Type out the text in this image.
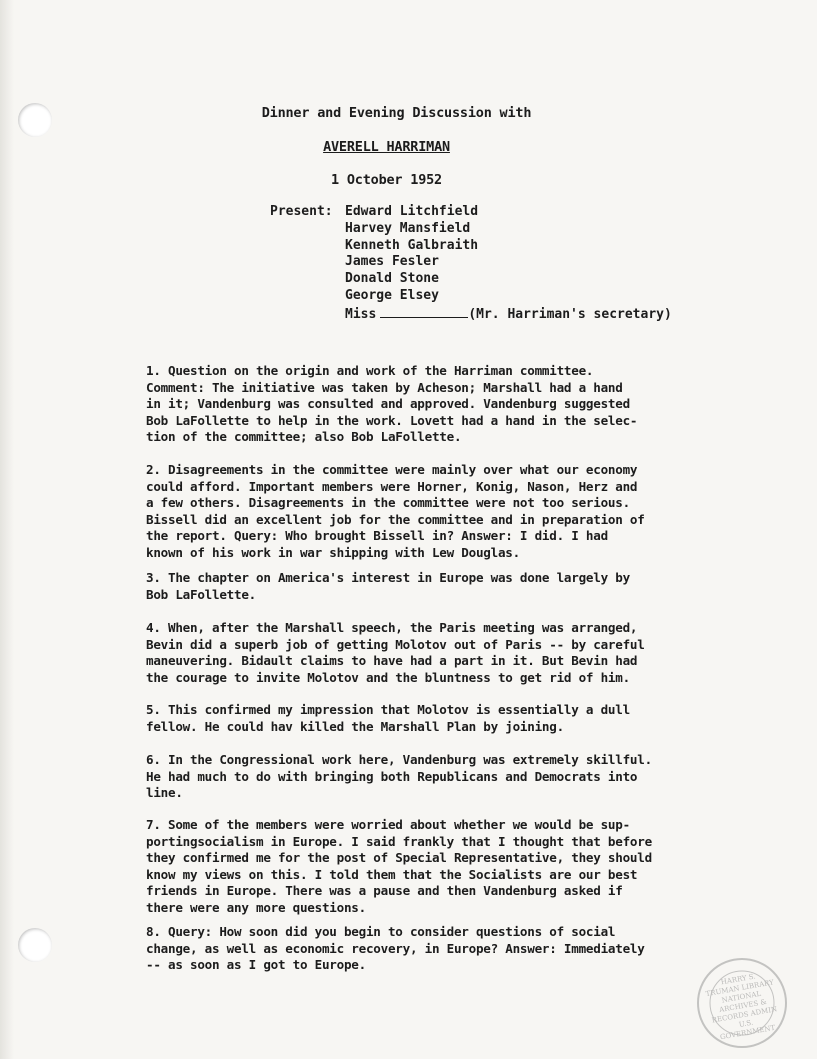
Dinner and Evening Discussion with
AVERELL HARRIMAN
1 October 1952
Present: Edward Litchfield
Harvey Mansfield
Kenneth Galbraith
James Fesler
Donald Stone
George Elsey
Miss	(Mr. Harriman's secretary)
1. Question on the origin and work of the Harriman committee.
Comment: The initiative was taken by Acheson; Marshall had a hand
in it; Vandenburg was consulted and approved. Vandenburg suggested
Bob LaFollette to help in the work. Lovett had a hand in the selec-
tion of the committee; also Bob LaFollette.
2. Disagreements in the committee were mainly over what our economy
could afford. Important members were Horner, Konig, Nason, Herz and
a few others. Disagreements in the committee were not too serious.
Bissell did an excellent job for the committee and in preparation of
the report. Query: Who brought Bissell in? Answer: I did. I had
known of his work in war shipping with Lew Douglas.
3. The chapter on America's interest in Europe was done largely by
Bob LaFollette.
4. When, after the Marshall speech, the Paris meeting was arranged,
Bevin did a superb job of getting Molotov out of Paris -- by careful
maneuvering. Bidault claims to have had a part in it. But Bevin had
the courage to invite Molotov and the bluntness to get rid of him.
5. This confirmed my impression that Molotov is essentially a dull
fellow. He could hav killed the Marshall Plan by joining.
6. In the Congressional work here, Vandenburg was extremely skillful.
He had much to do with bringing both Republicans and Democrats into
line.
7. Some of the members were worried about whether we would be sup-
portingsocialism in Europe. I said frankly that I thought that before
they confirmed me for the post of Special Representative, they should
know my views on this. I told them that the Socialists are our best
friends in Europe. There was a pause and then Vandenburg asked if
there were any more questions.
8. Query: How soon did you begin to consider questions of social
change, as well as economic recovery, in Europe? Answer: Immediately
-- as soon as I got to Europe.
HARRY S. TRUMAN LIBRARY NATIONAL ARCHIVES & RECORDS ADMIN U.S. GOVERNMENT
